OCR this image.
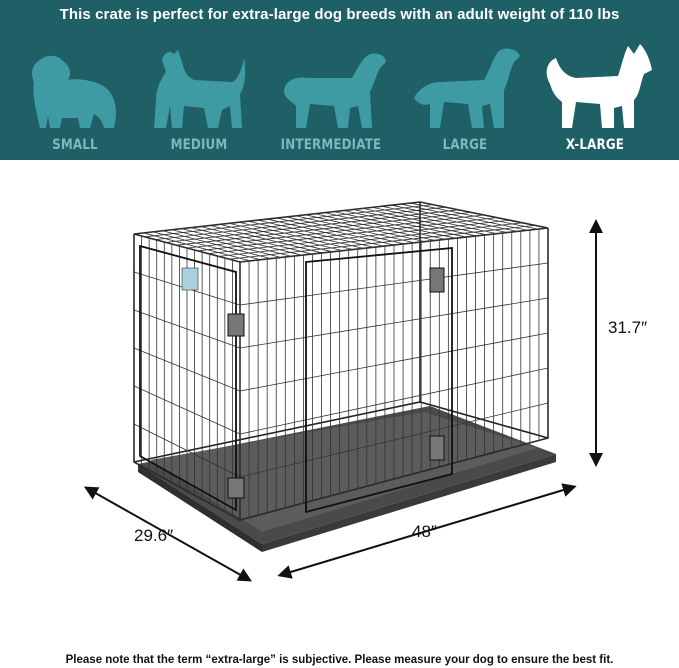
This crate is perfect for extra-large dog breeds with an adult weight of 110 lbs
SMALL	MEDIUM	INTERMEDIATE	LARGE	X-LARGE
31.7″
29.6″	48″
Please note that the term “extra-large” is subjective. Please measure your dog to ensure the best fit.
